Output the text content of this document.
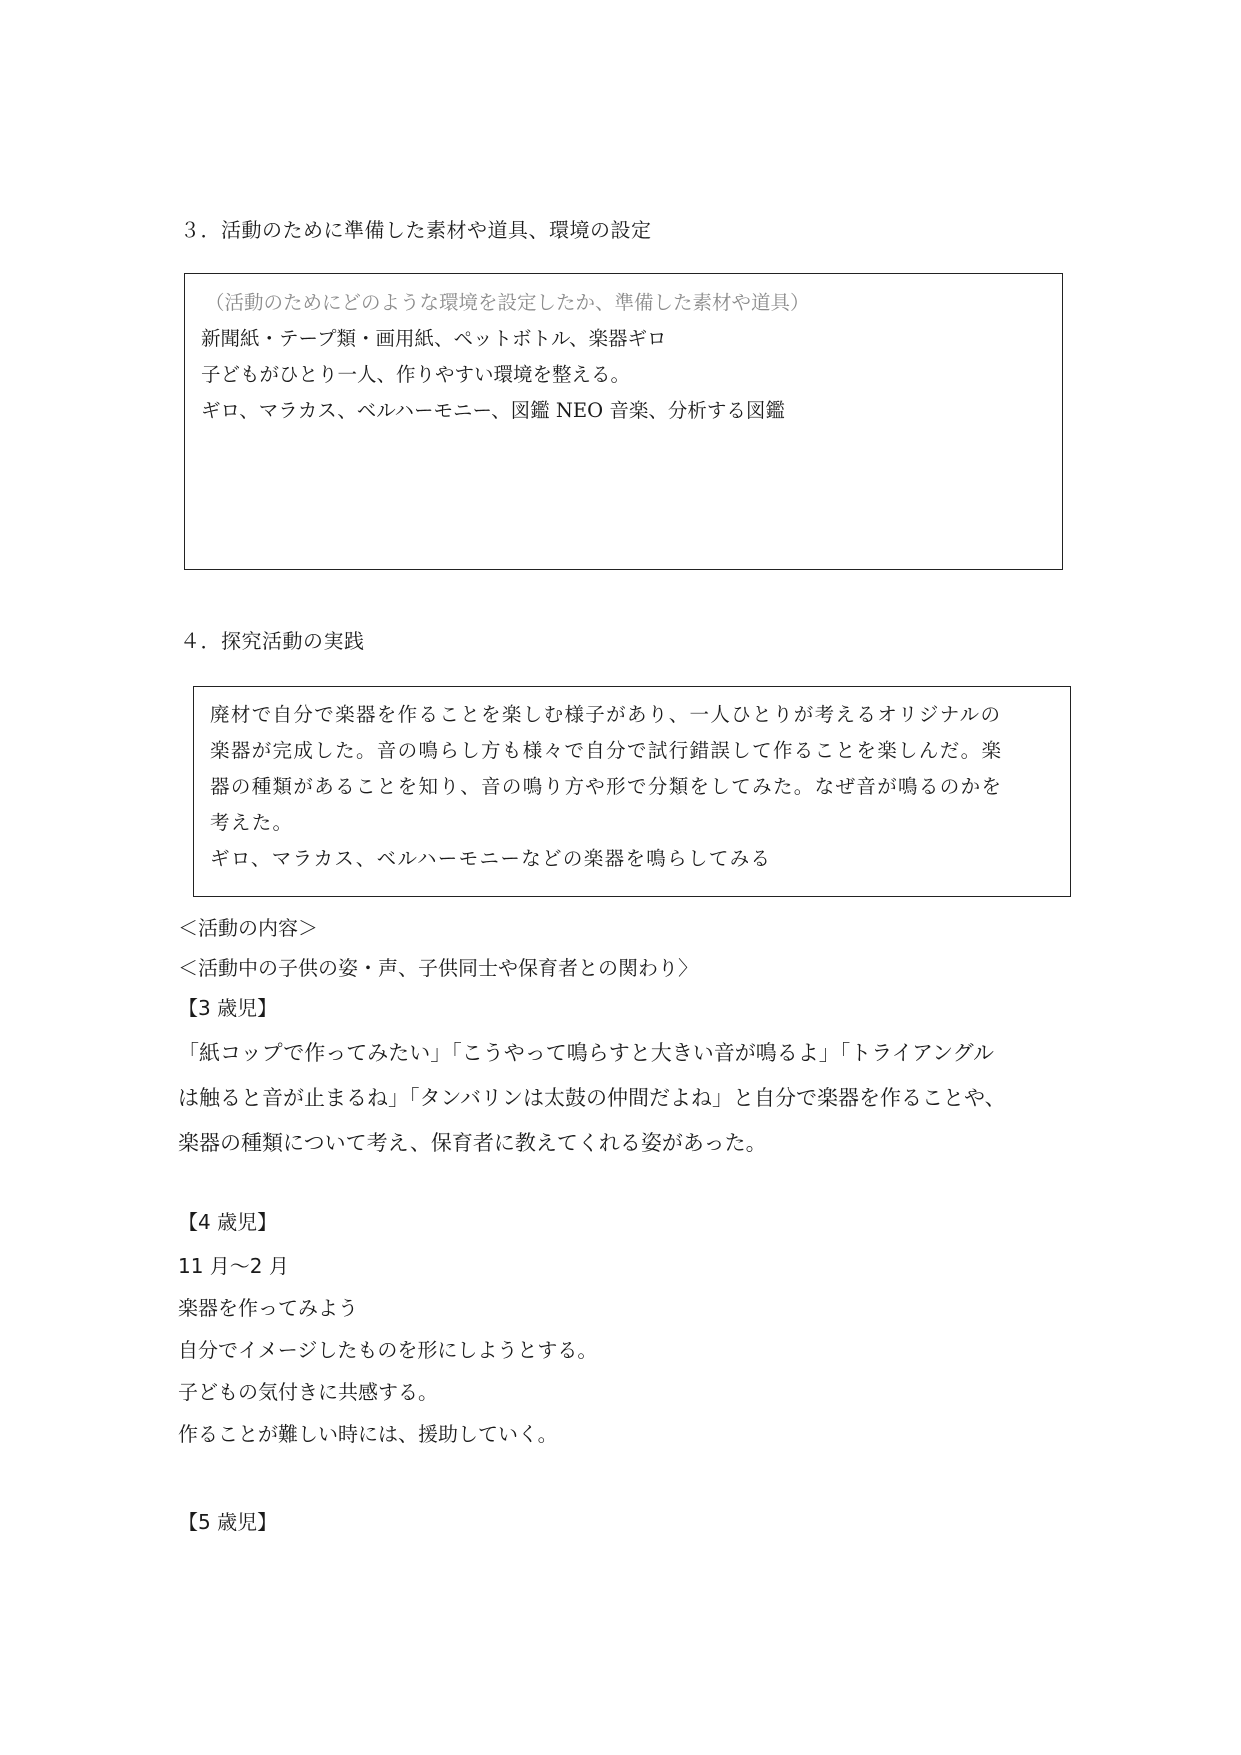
３．活動のために準備した素材や道具、環境の設定
（活動のためにどのような環境を設定したか、準備した素材や道具）
新聞紙・テープ類・画用紙、ペットボトル、楽器ギロ
子どもがひとり一人、作りやすい環境を整える。
ギロ、マラカス、ベルハーモニー、図鑑 NEO 音楽、分析する図鑑
４．探究活動の実践
廃材で自分で楽器を作ることを楽しむ様子があり、一人ひとりが考えるオリジナルの
楽器が完成した。音の鳴らし方も様々で自分で試行錯誤して作ることを楽しんだ。楽
器の種類があることを知り、音の鳴り方や形で分類をしてみた。なぜ音が鳴るのかを
考えた。
ギロ、マラカス、ベルハーモニーなどの楽器を鳴らしてみる
＜活動の内容＞
＜活動中の子供の姿・声、子供同士や保育者との関わり〉
【3 歳児】
「紙コップで作ってみたい」「こうやって鳴らすと大きい音が鳴るよ」「トライアングル
は触ると音が止まるね」「タンバリンは太鼓の仲間だよね」と自分で楽器を作ることや、
楽器の種類について考え、保育者に教えてくれる姿があった。
【4 歳児】
11 月～2 月
楽器を作ってみよう
自分でイメージしたものを形にしようとする。
子どもの気付きに共感する。
作ることが難しい時には、援助していく。
【5 歳児】
